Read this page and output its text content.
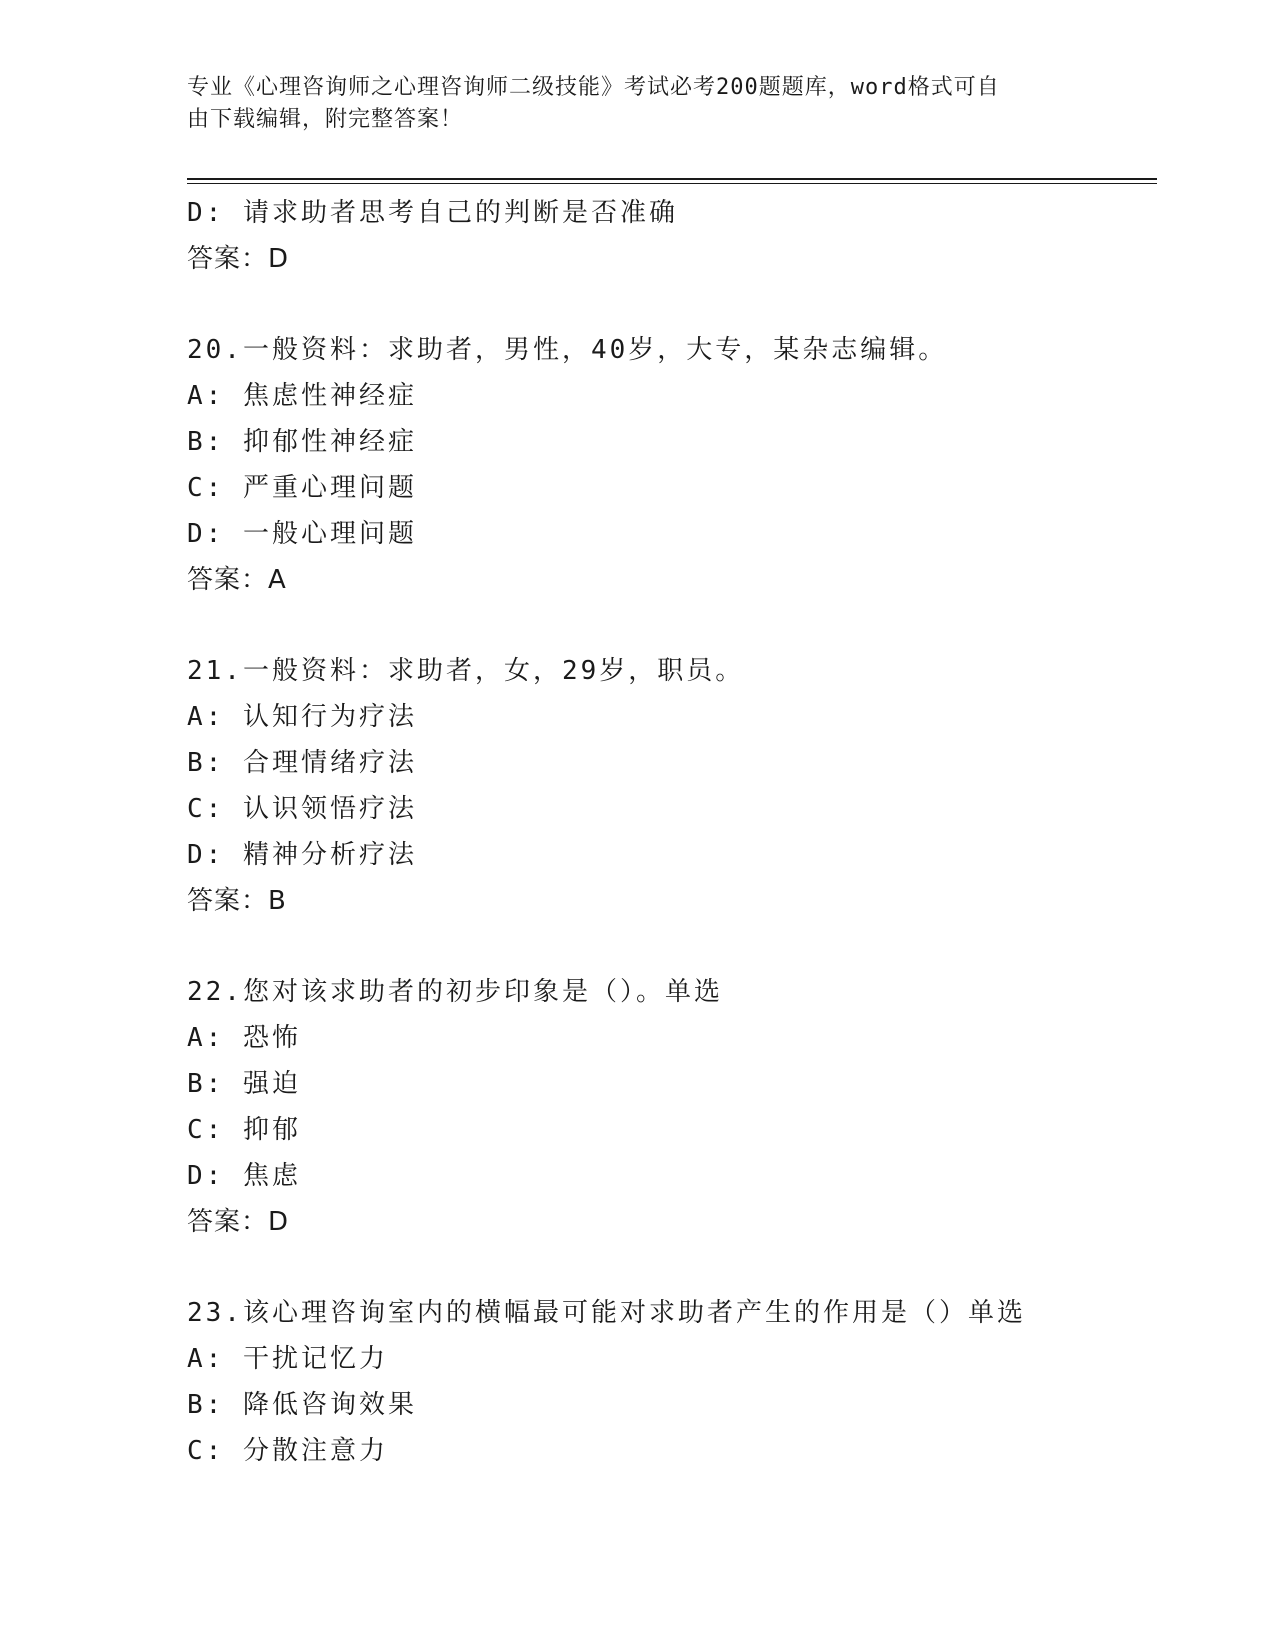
专业《心理咨询师之心理咨询师二级技能》考试必考200题题库，word格式可自
由下载编辑，附完整答案！
D: 请求助者思考自己的判断是否准确
答案：D
20.一般资料：求助者，男性，40岁，大专，某杂志编辑。
A: 焦虑性神经症
B: 抑郁性神经症
C: 严重心理问题
D: 一般心理问题
答案：A
21.一般资料：求助者，女，29岁，职员。
A: 认知行为疗法
B: 合理情绪疗法
C: 认识领悟疗法
D: 精神分析疗法
答案：B
22.您对该求助者的初步印象是（）。单选
A: 恐怖
B: 强迫
C: 抑郁
D: 焦虑
答案：D
23.该心理咨询室内的横幅最可能对求助者产生的作用是（）单选
A: 干扰记忆力
B: 降低咨询效果
C: 分散注意力
